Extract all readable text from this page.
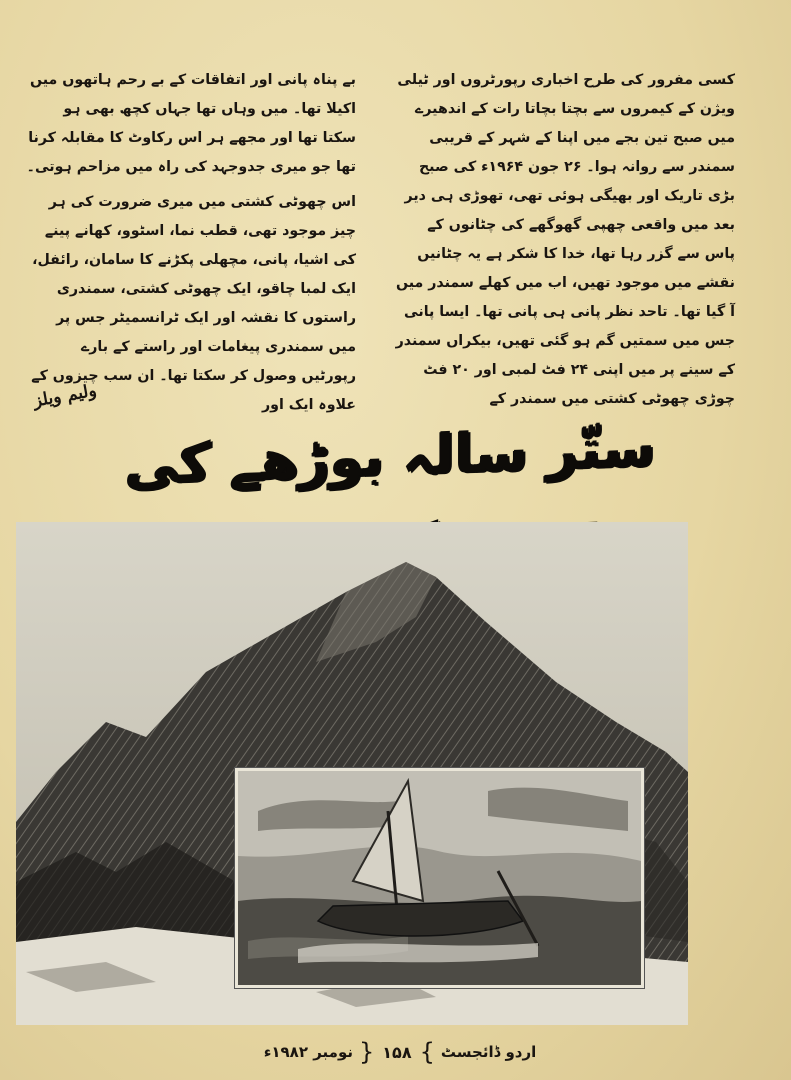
کسی مفرور کی طرح اخباری رپورٹروں اور ٹیلی ویژن کے کیمروں سے بچتا بچاتا رات کے اندھیرے میں صبح تین بجے میں اپنا کے شہر کے قریبی سمندر سے روانہ ہوا۔ ۲۶ جون ۱۹۶۴ء کی صبح بڑی تاریک اور بھیگی ہوئی تھی، تھوڑی ہی دیر بعد میں واقعی چھپی گھوگھے کی چٹانوں کے پاس سے گزر رہا تھا، خدا کا شکر ہے یہ چٹانیں نقشے میں موجود تھیں، اب میں کھلے سمندر میں آ گیا تھا۔ تاحد نظر پانی ہی پانی تھا۔ ایسا پانی جس میں سمتیں گم ہو گئی تھیں، بیکراں سمندر کے سینے پر میں اپنی ۲۴ فٹ لمبی اور ۲۰ فٹ چوڑی چھوٹی کشتی میں سمندر کے

بے پناہ پانی اور اتفاقات کے بے رحم ہاتھوں میں اکیلا تھا۔ میں وہاں تھا جہاں کچھ بھی ہو سکتا تھا اور مجھے ہر اس رکاوٹ کا مقابلہ کرنا تھا جو میری جدوجہد کی راہ میں مزاحم ہوتی۔

اس چھوٹی کشتی میں میری ضرورت کی ہر چیز موجود تھی، قطب نما، اسٹوو، کھانے پینے کی اشیا، پانی، مچھلی پکڑنے کا سامان، رائفل، ایک لمبا چاقو، ایک چھوٹی کشتی، سمندری راستوں کا نقشہ اور ایک ٹرانسمیٹر جس پر میں سمندری پیغامات اور راستے کے بارے رپورٹیں وصول کر سکتا تھا۔ ان سب چیزوں کے علاوہ ایک اور

ولیم ویلز
ستّر سالہ بوڑھے کی
اردو ڈائجسٹ
}
۱۵۸
{
نومبر ۱۹۸۲ء
